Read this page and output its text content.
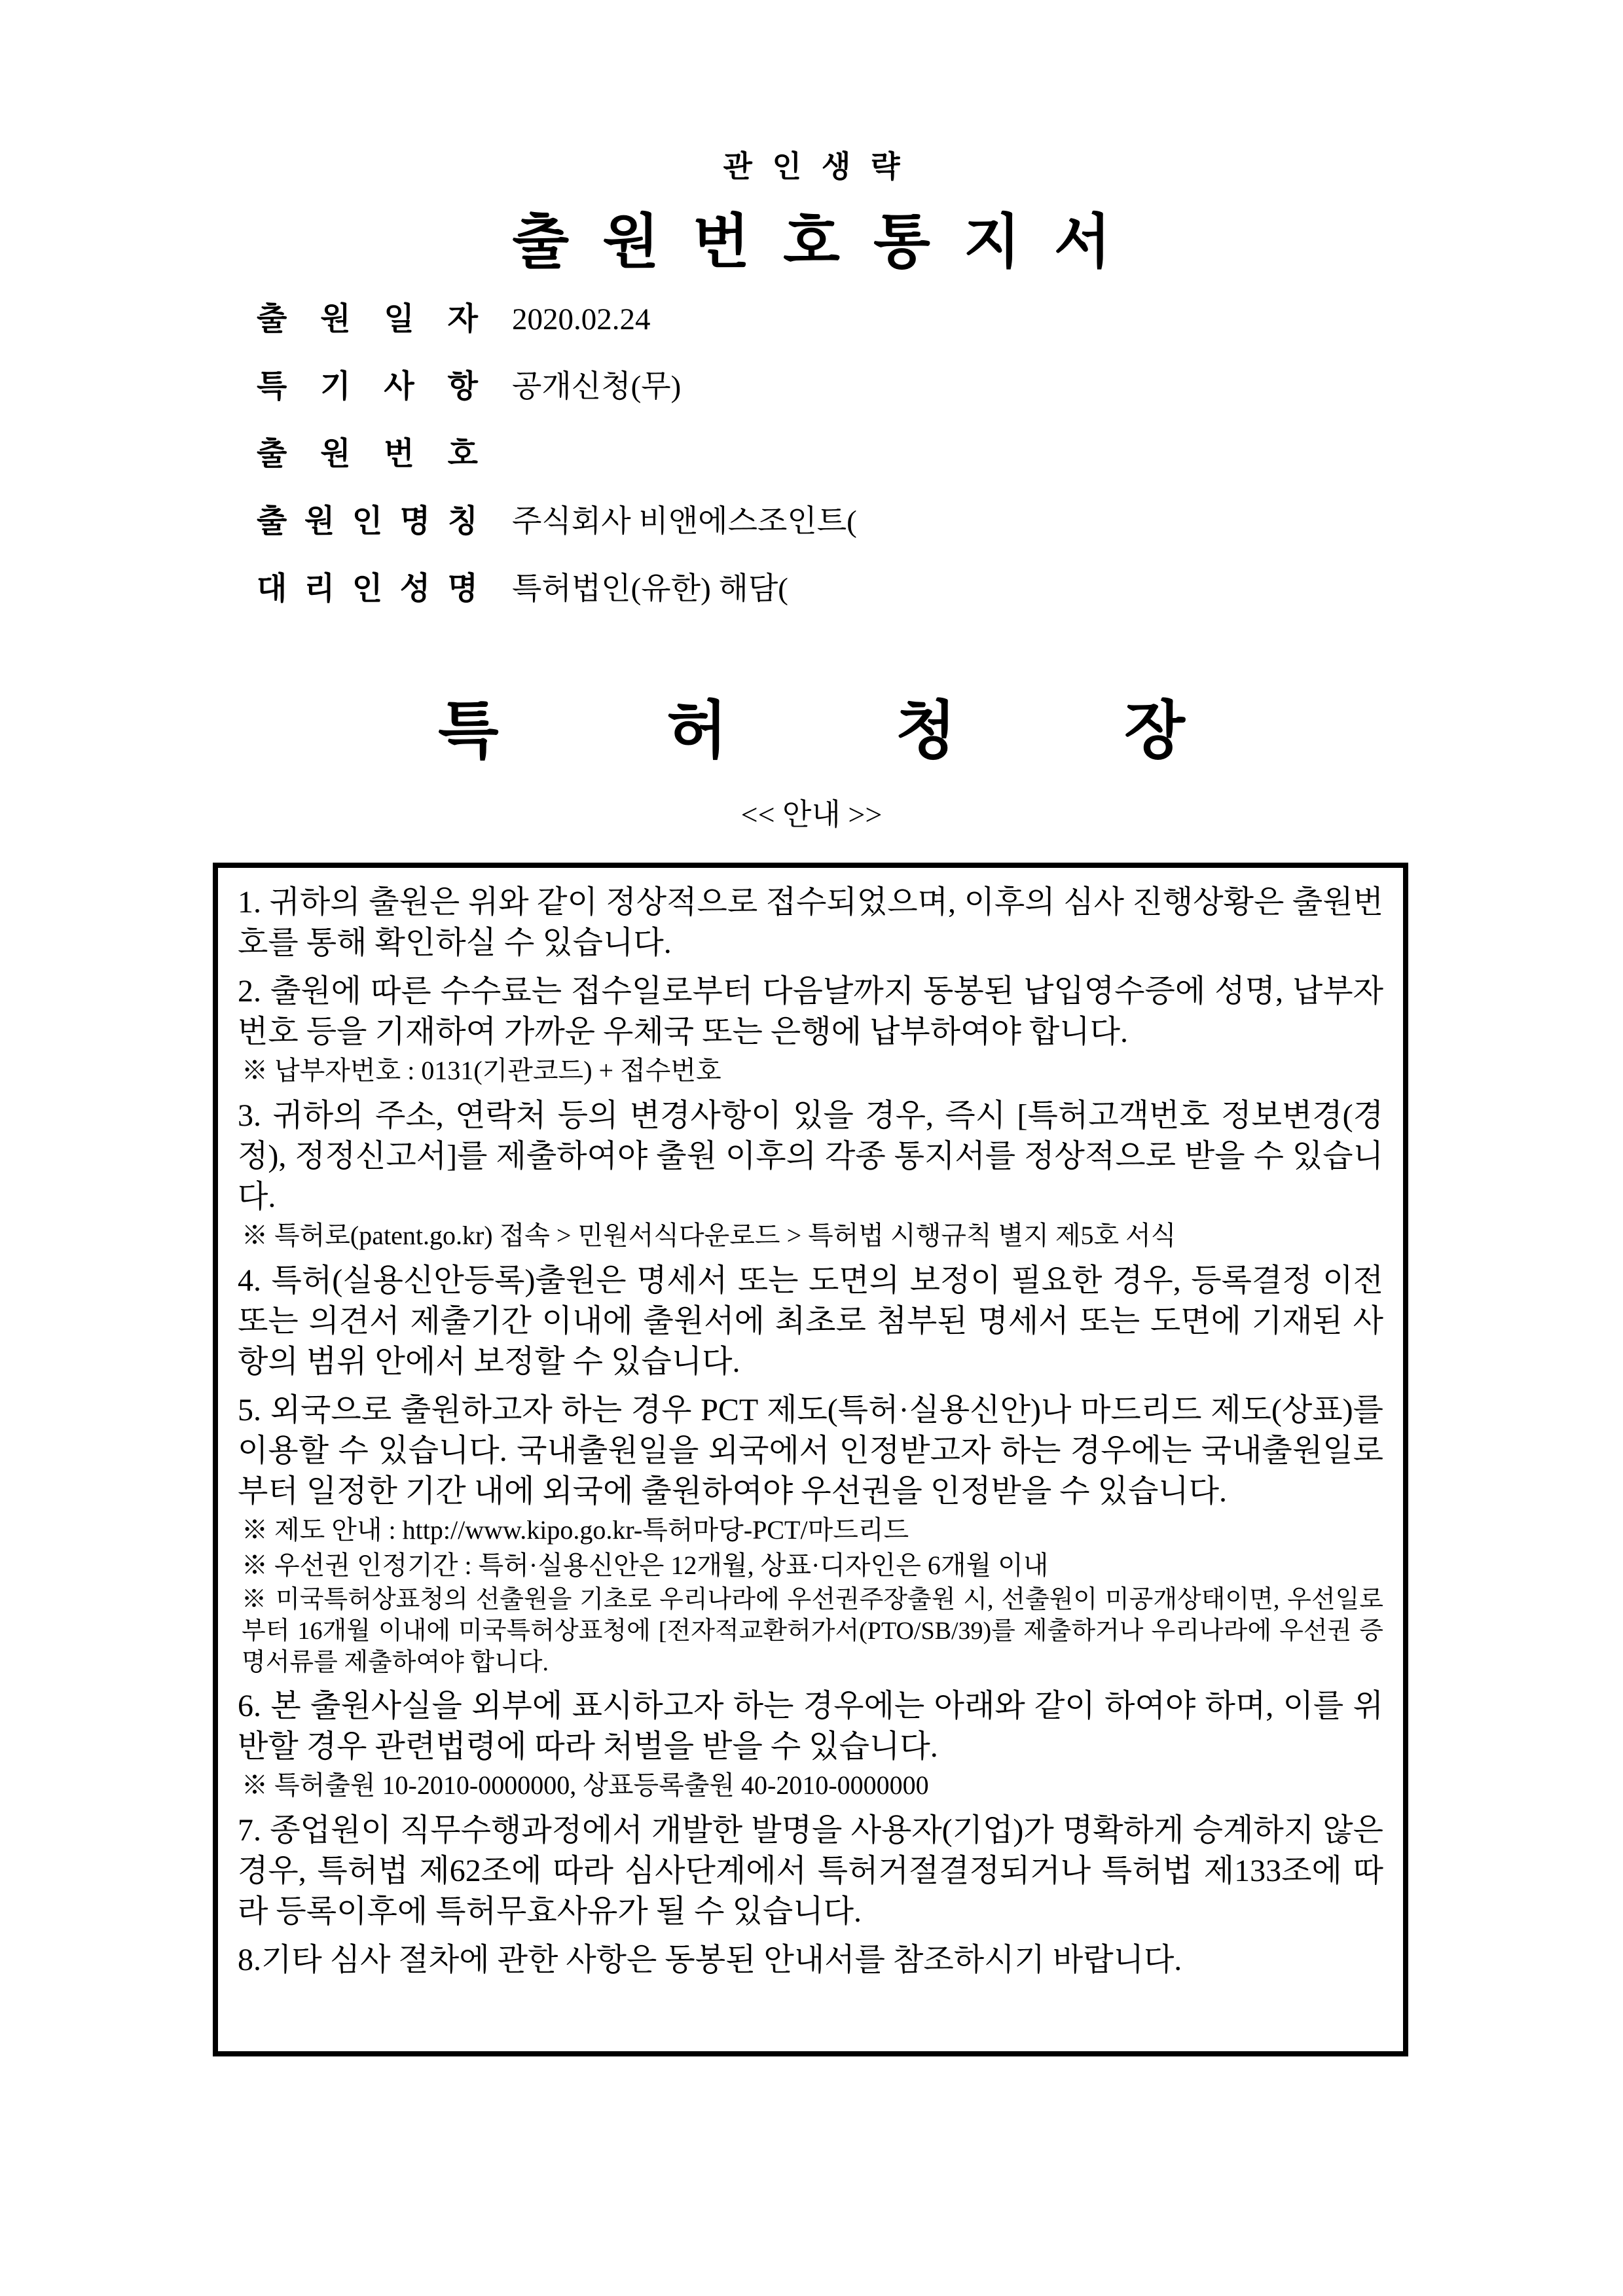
관 인 생 략
출 원 번 호 통 지 서
출 원 일 자 2020.02.24
특 기 사 항 공개신청(무)
출 원 번 호
출 원 인 명 칭 주식회사 비앤에스조인트(
대 리 인 성 명 특허법인(유한) 해담(
특 허 청 장
<< 안내 >>

1. 귀하의 출원은 위와 같이 정상적으로 접수되었으며, 이후의 심사 진행상황은 출원번호를 통해 확인하실 수 있습니다.

2. 출원에 따른 수수료는 접수일로부터 다음날까지 동봉된 납입영수증에 성명, 납부자번호 등을 기재하여 가까운 우체국 또는 은행에 납부하여야 합니다.

※ 납부자번호 : 0131(기관코드) + 접수번호

3. 귀하의 주소, 연락처 등의 변경사항이 있을 경우, 즉시 [특허고객번호 정보변경(경정), 정정신고서]를 제출하여야 출원 이후의 각종 통지서를 정상적으로 받을 수 있습니다.

※ 특허로(patent.go.kr) 접속 > 민원서식다운로드 > 특허법 시행규칙 별지 제5호 서식

4. 특허(실용신안등록)출원은 명세서 또는 도면의 보정이 필요한 경우, 등록결정 이전 또는 의견서 제출기간 이내에 출원서에 최초로 첨부된 명세서 또는 도면에 기재된 사항의 범위 안에서 보정할 수 있습니다.

5. 외국으로 출원하고자 하는 경우 PCT 제도(특허·실용신안)나 마드리드 제도(상표)를 이용할 수 있습니다. 국내출원일을 외국에서 인정받고자 하는 경우에는 국내출원일로부터 일정한 기간 내에 외국에 출원하여야 우선권을 인정받을 수 있습니다.

※ 제도 안내 : http://www.kipo.go.kr-특허마당-PCT/마드리드

※ 우선권 인정기간 : 특허·실용신안은 12개월, 상표·디자인은 6개월 이내

※ 미국특허상표청의 선출원을 기초로 우리나라에 우선권주장출원 시, 선출원이 미공개상태이면, 우선일로부터 16개월 이내에 미국특허상표청에 [전자적교환허가서(PTO/SB/39)를 제출하거나 우리나라에 우선권 증명서류를 제출하여야 합니다.

6. 본 출원사실을 외부에 표시하고자 하는 경우에는 아래와 같이 하여야 하며, 이를 위반할 경우 관련법령에 따라 처벌을 받을 수 있습니다.

※ 특허출원 10-2010-0000000, 상표등록출원 40-2010-0000000

7. 종업원이 직무수행과정에서 개발한 발명을 사용자(기업)가 명확하게 승계하지 않은 경우, 특허법 제62조에 따라 심사단계에서 특허거절결정되거나 특허법 제133조에 따라 등록이후에 특허무효사유가 될 수 있습니다.

8.기타 심사 절차에 관한 사항은 동봉된 안내서를 참조하시기 바랍니다.
